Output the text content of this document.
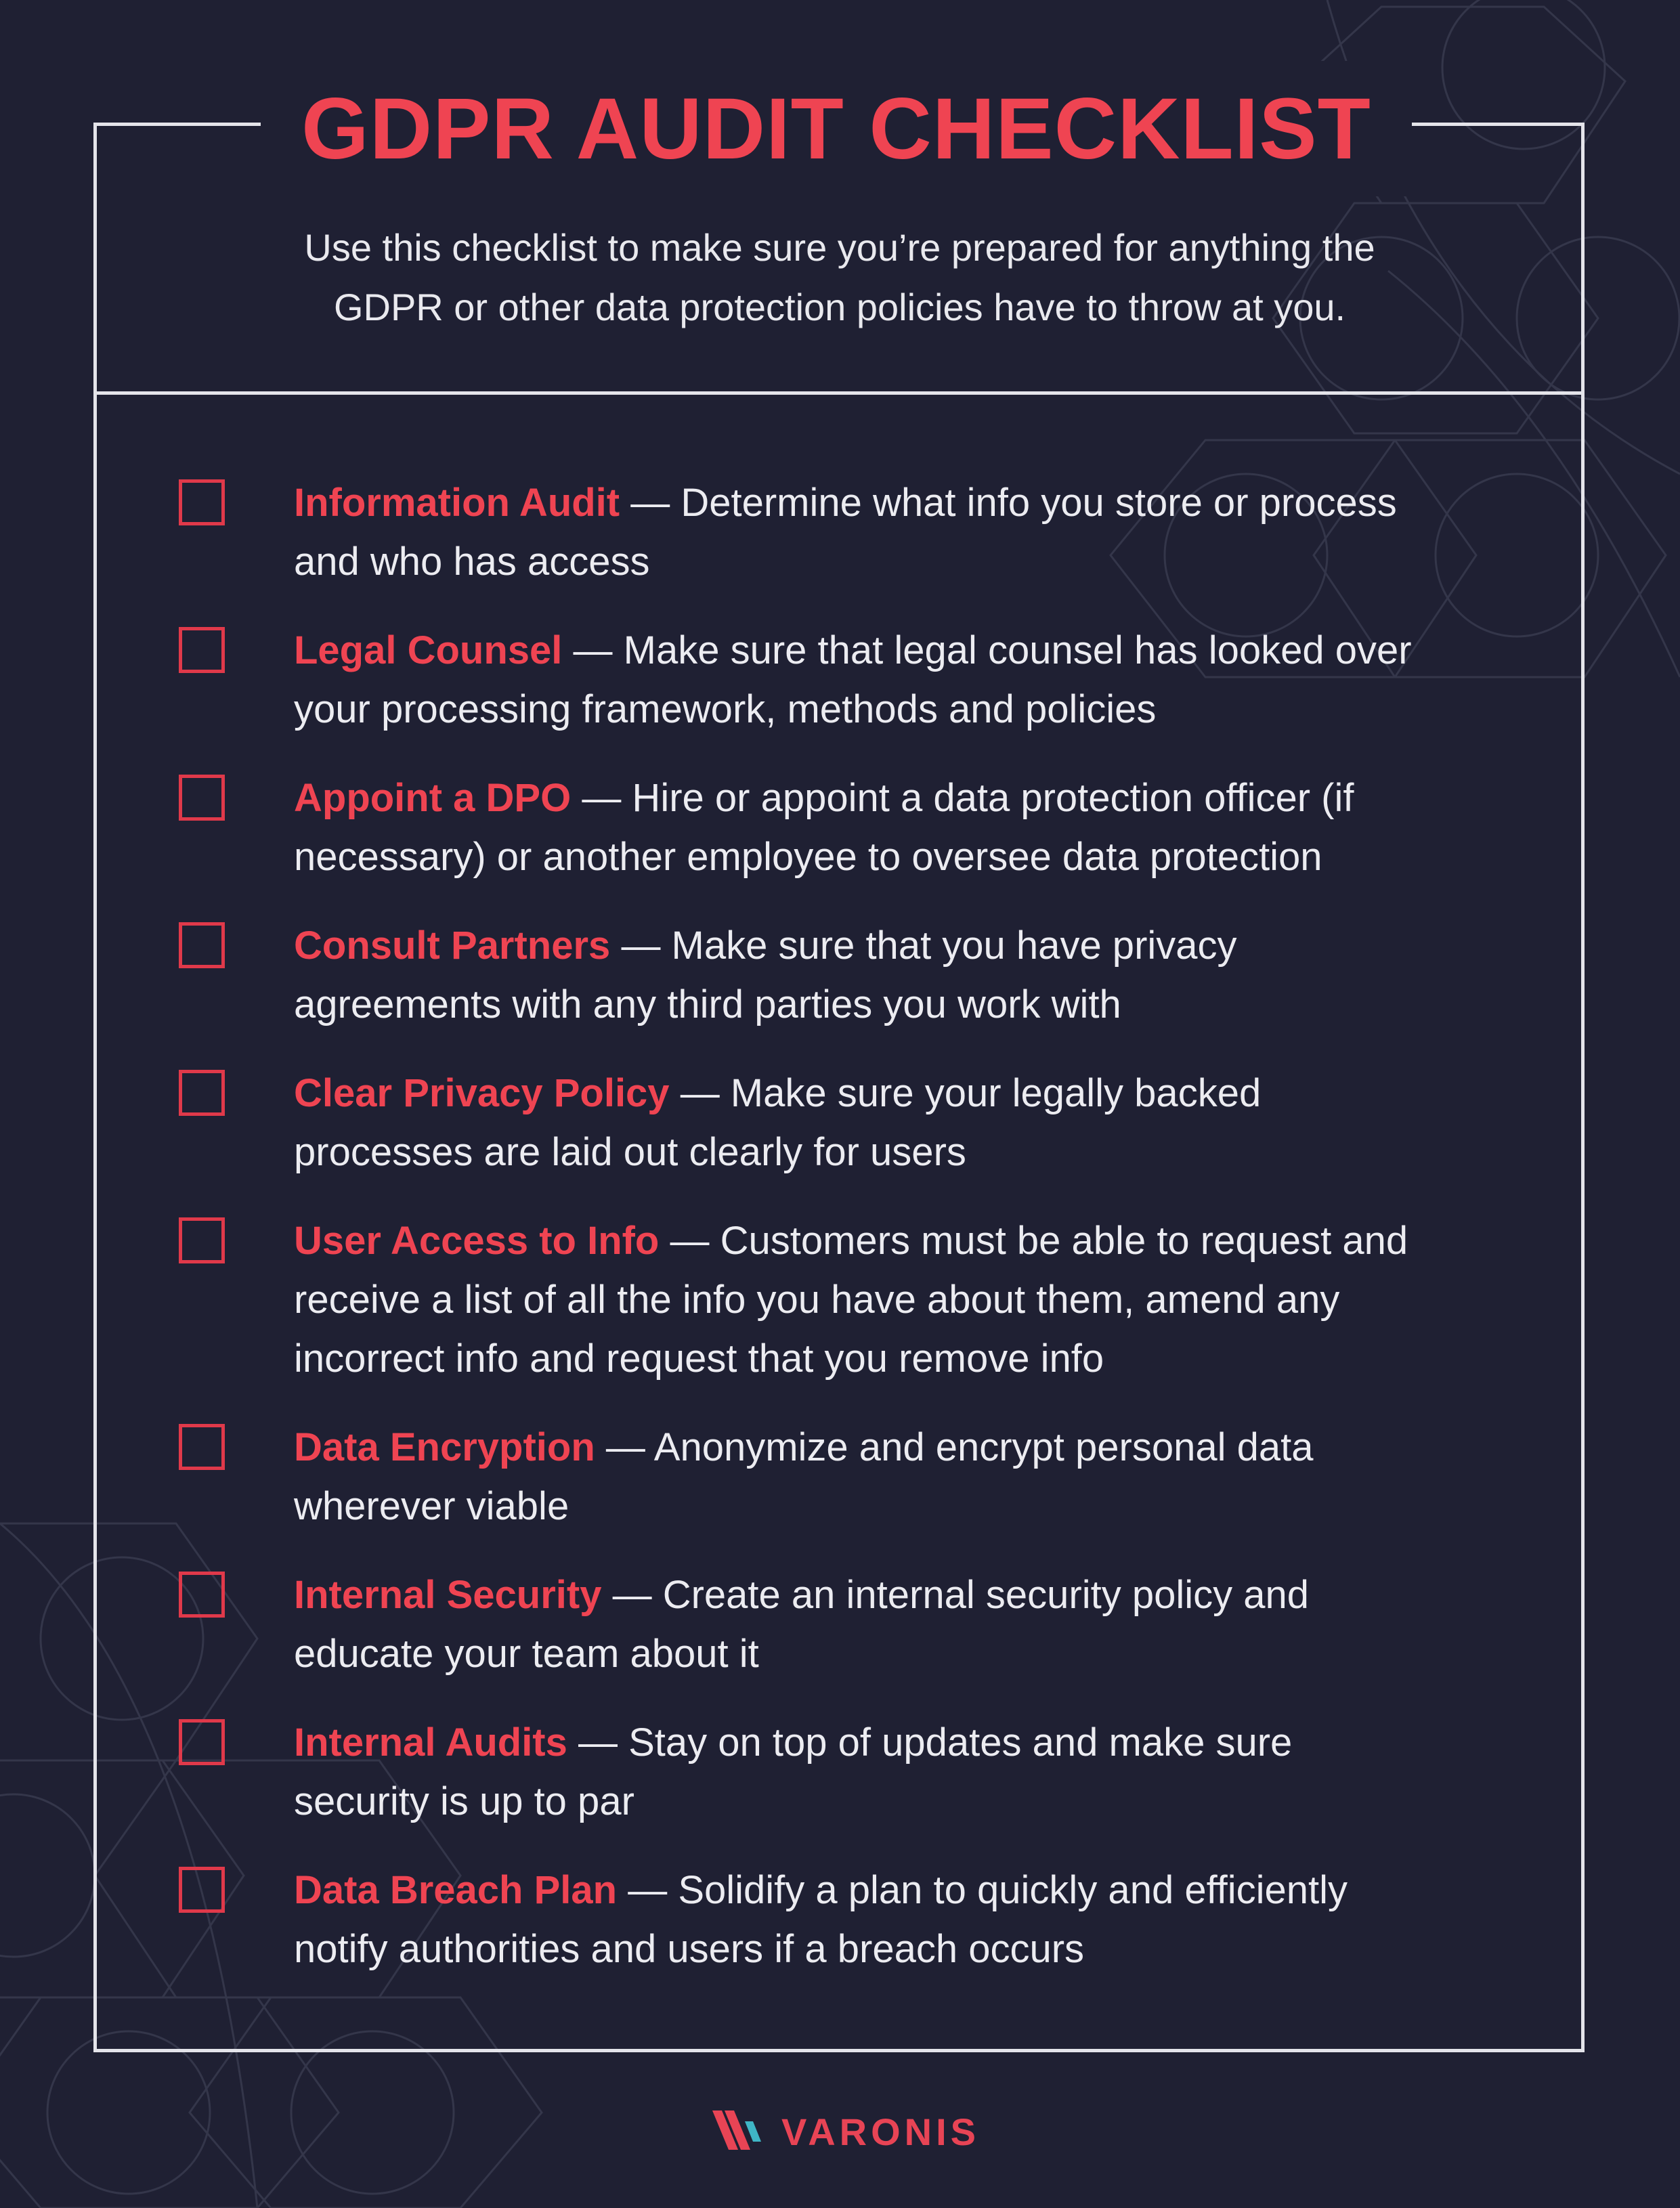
GDPR AUDIT CHECKLIST
Use this checklist to make sure you’re prepared for anything the
GDPR or other data protection policies have to throw at you.
Information Audit — Determine what info you store or process
and who has access
Legal Counsel — Make sure that legal counsel has looked over
your processing framework, methods and policies
Appoint a DPO — Hire or appoint a data protection officer (if
necessary) or another employee to oversee data protection
Consult Partners — Make sure that you have privacy
agreements with any third parties you work with
Clear Privacy Policy — Make sure your legally backed
processes are laid out clearly for users
User Access to Info — Customers must be able to request and
receive a list of all the info you have about them, amend any
incorrect info and request that you remove info
Data Encryption — Anonymize and encrypt personal data
wherever viable
Internal Security — Create an internal security policy and
educate your team about it
Internal Audits — Stay on top of updates and make sure
security is up to par
Data Breach Plan — Solidify a plan to quickly and efficiently
notify authorities and users if a breach occurs
VARONIS
